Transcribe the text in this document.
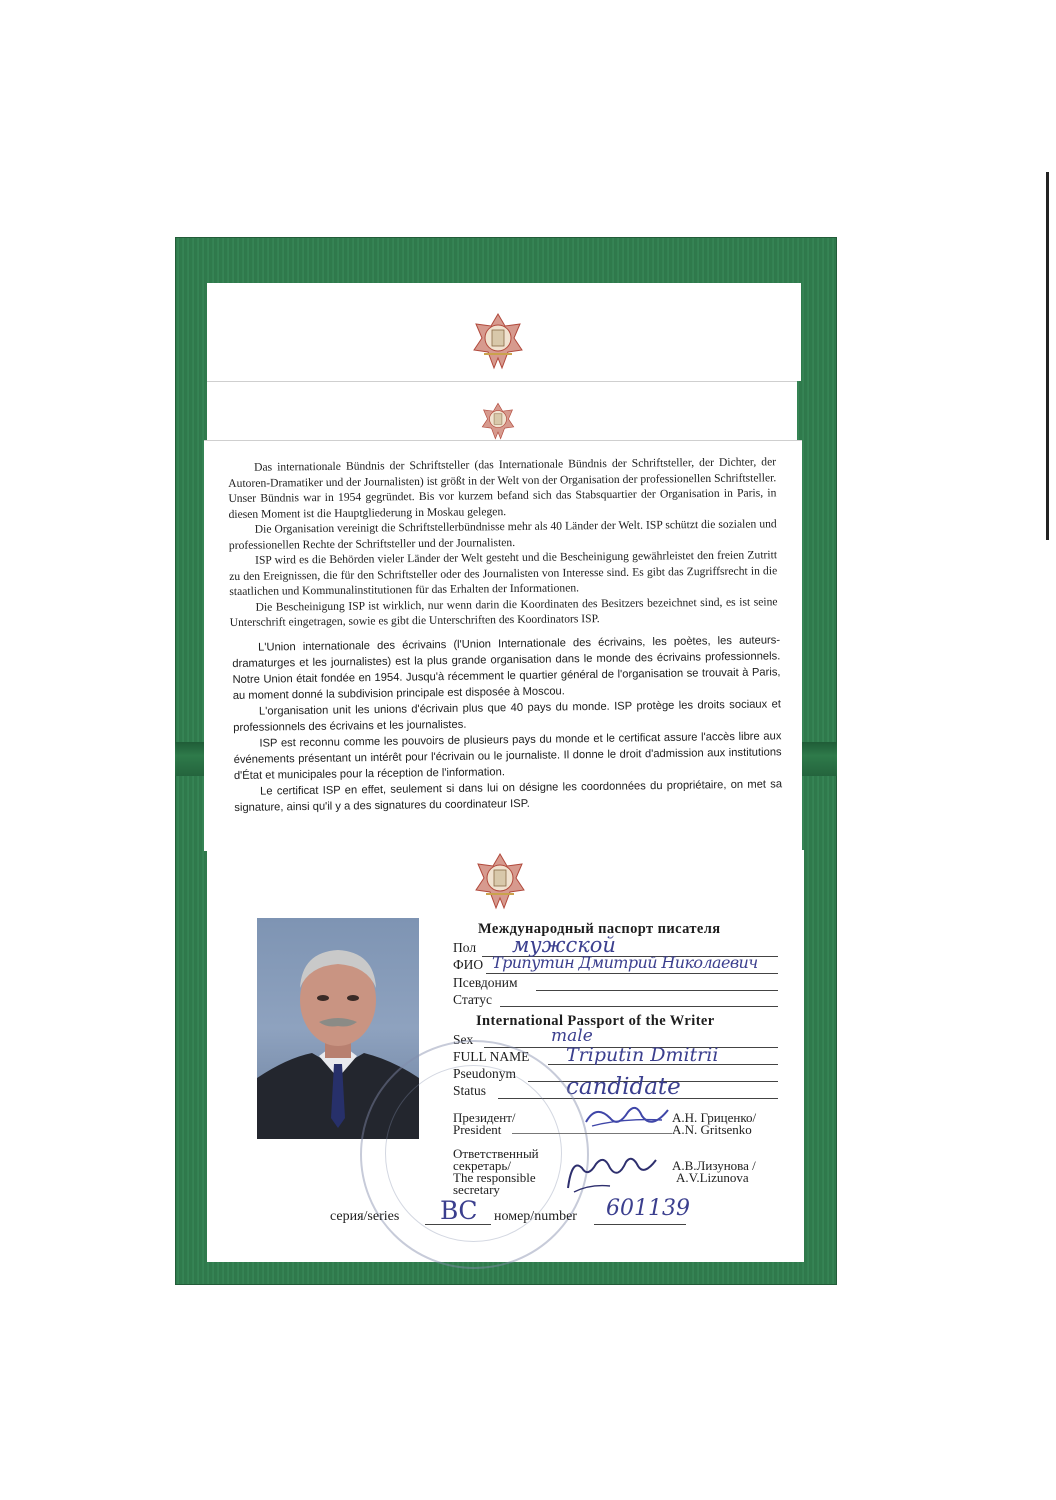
Das internationale Bündnis der Schriftsteller (das Internationale Bündnis der Schriftsteller, der Dichter, der Autoren-Dramatiker und der Journalisten) ist größt in der Welt von der Organisation der professionellen Schriftsteller. Unser Bündnis war in 1954 gegründet. Bis vor kurzem befand sich das Stabsquartier der Organisation in Paris, in diesen Moment ist die Hauptgliederung in Moskau gelegen.

Die Organisation vereinigt die Schriftstellerbündnisse mehr als 40 Länder der Welt. ISP schützt die sozialen und professionellen Rechte der Schriftsteller und der Journalisten.

ISP wird es die Behörden vieler Länder der Welt gesteht und die Bescheinigung gewährleistet den freien Zutritt zu den Ereignissen, die für den Schriftsteller oder des Journalisten von Interesse sind. Es gibt das Zugriffsrecht in die staatlichen und Kommunalinstitutionen für das Erhalten der Informationen.

Die Bescheinigung ISP ist wirklich, nur wenn darin die Koordinaten des Besitzers bezeichnet sind, es ist seine Unterschrift eingetragen, sowie es gibt die Unterschriften des Koordinators ISP.

L'Union internationale des écrivains (l'Union Internationale des écrivains, les poètes, les auteurs-dramaturges et les journalistes) est la plus grande organisation dans le monde des écrivains professionnels. Notre Union était fondée en 1954. Jusqu'à récemment le quartier général de l'organisation se trouvait à Paris, au moment donné la subdivision principale est disposée à Moscou.

L'organisation unit les unions d'écrivain plus que 40 pays du monde. ISP protège les droits sociaux et professionnels des écrivains et les journalistes.

ISP est reconnu comme les pouvoirs de plusieurs pays du monde et le certificat assure l'accès libre aux événements présentant un intérêt pour l'écrivain ou le journaliste. Il donne le droit d'admission aux institutions d'État et municipales pour la réception de l'information.

Le certificat ISP en effet, seulement si dans lui on désigne les coordonnées du propriétaire, on met sa signature, ainsi qu'il y a des signatures du coordinateur ISP.

Международный паспорт писателя
Пол мужской
ФИО Трипутин Дмитрий Николаевич
Псевдоним
Статус
International Passport of the Writer
Sex	male
FULL NAME Triputin Dmitrii
Pseudonym
Status	candidate
Президент/
President
А.Н. Гриценко/
A.N. Gritsenko
Ответственный
секретарь/
The responsible
secretary
А.В.Лизунова /
A.V.Lizunova
серия/series ВС номер/number 601139
